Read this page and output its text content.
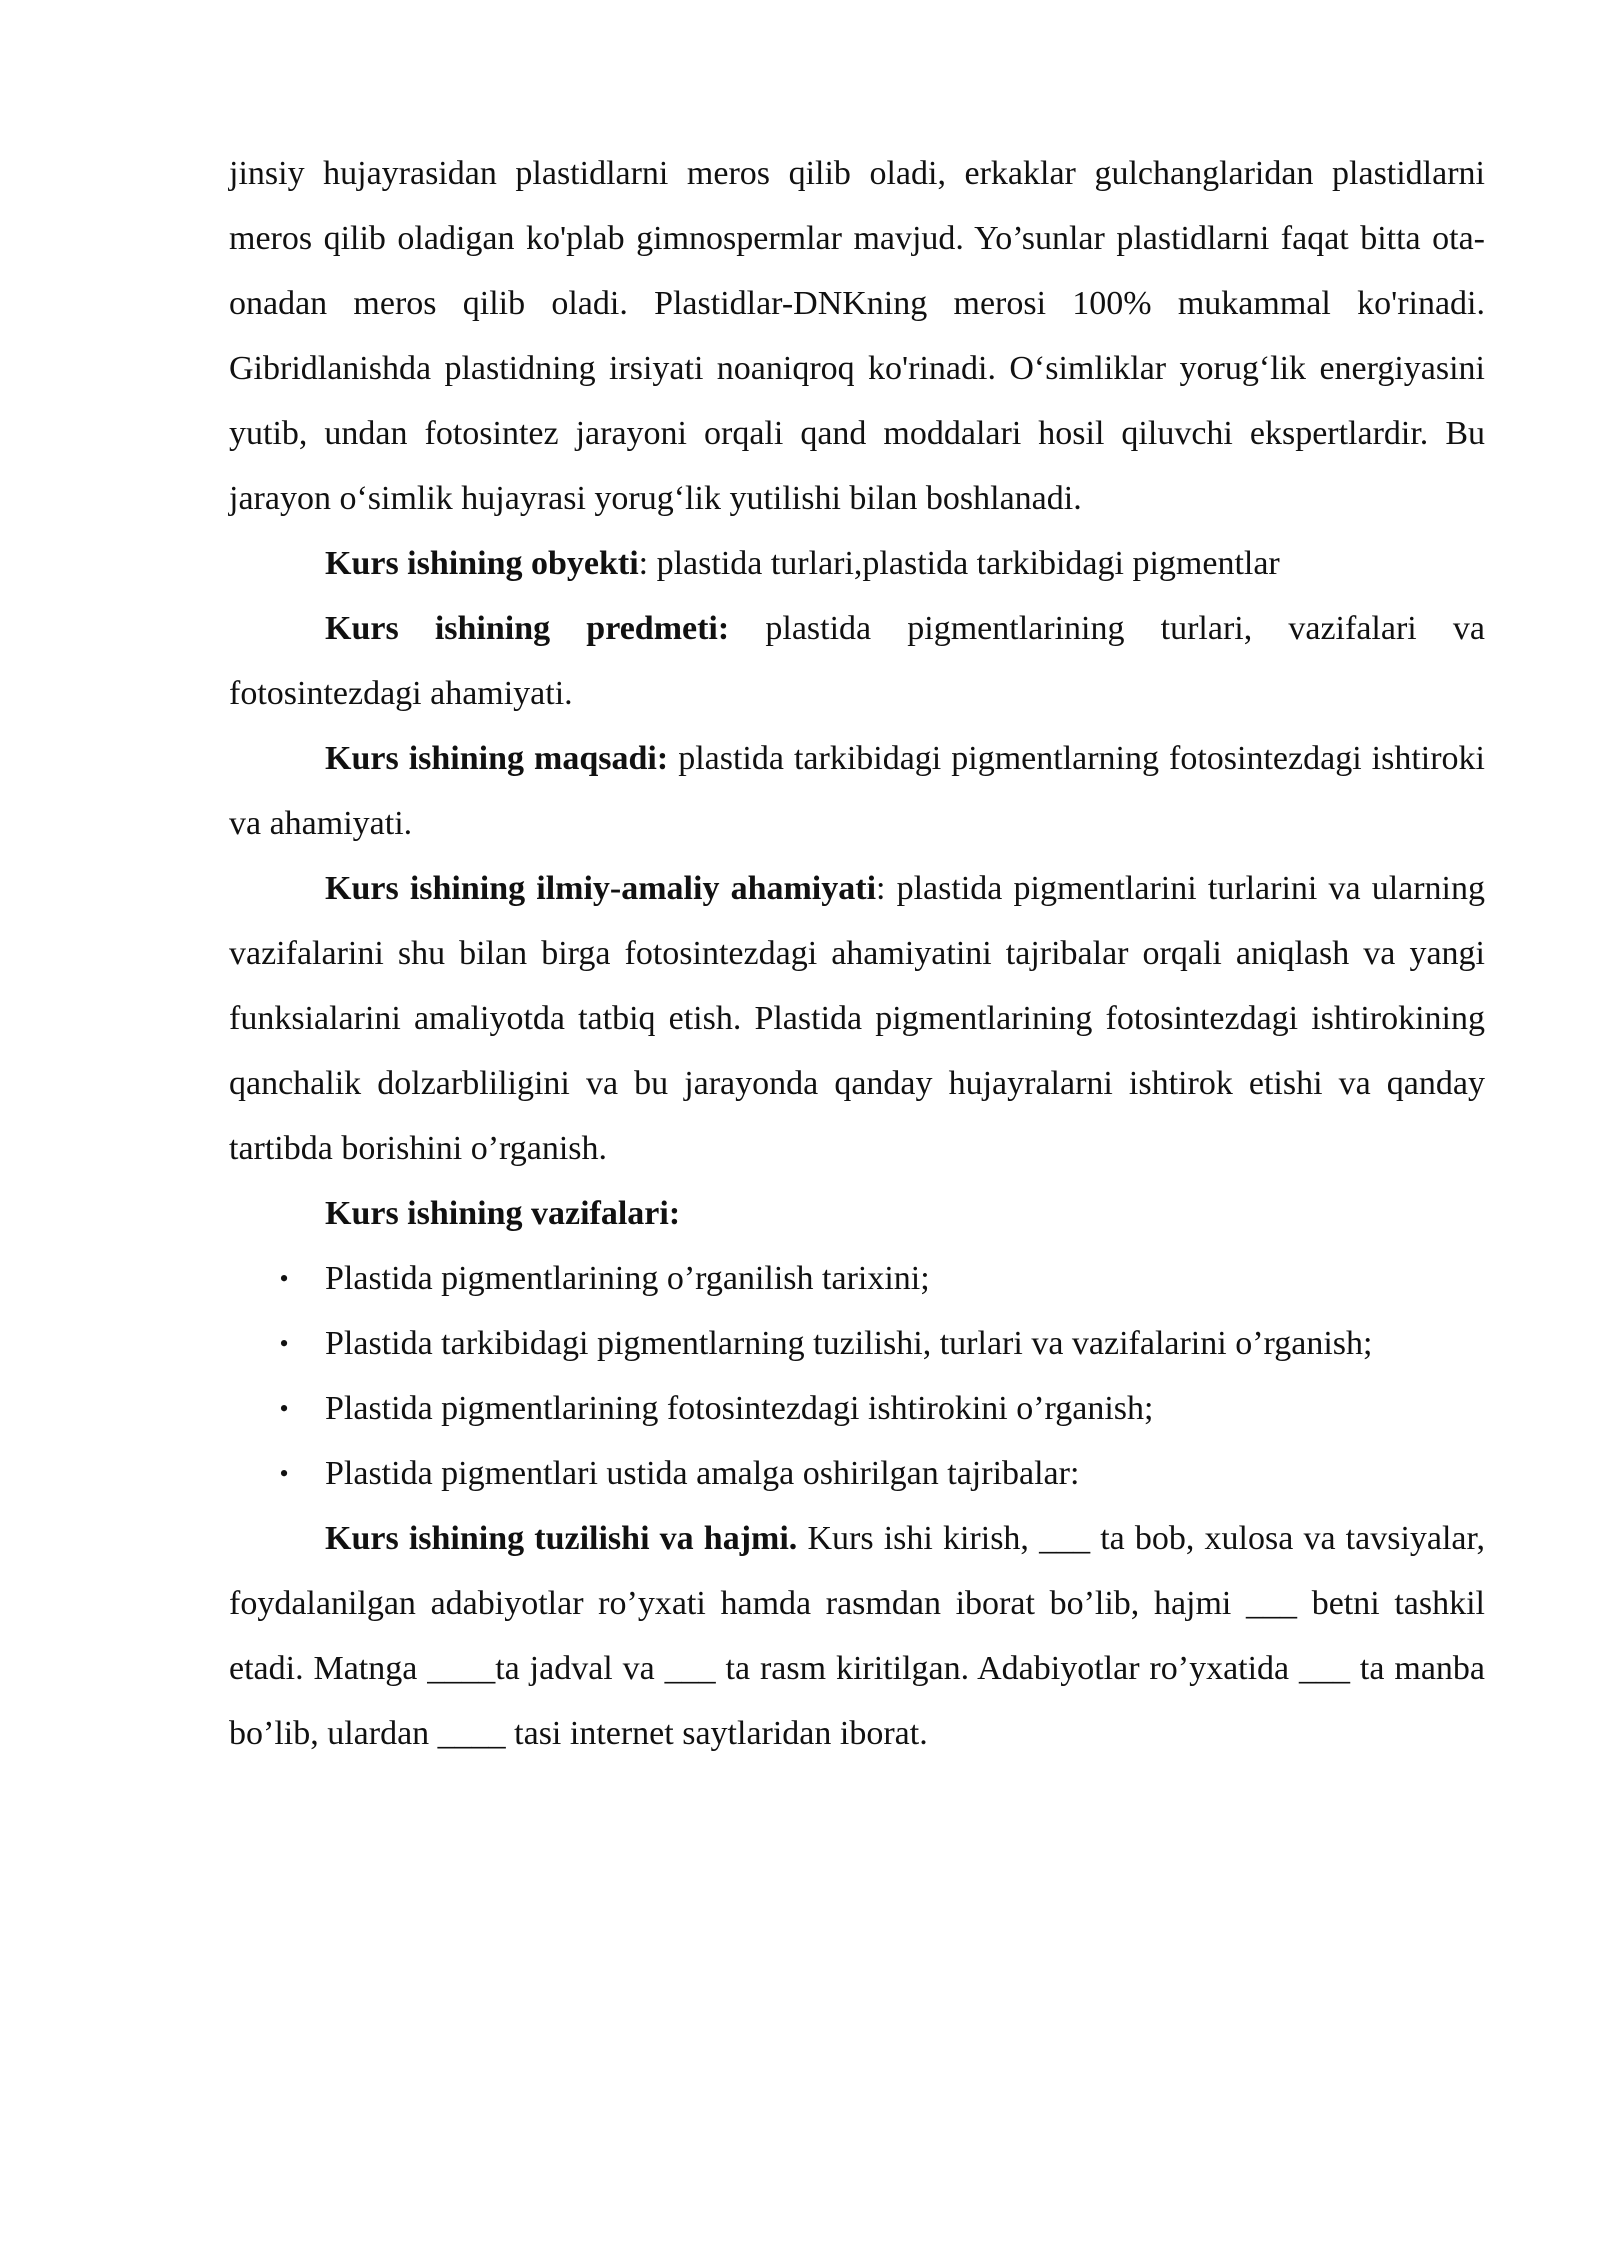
jinsiy hujayrasidan plastidlarni meros qilib oladi, erkaklar gulchanglaridan plastidlarni meros qilib oladigan ko'plab gimnospermlar mavjud. Yo’sunlar plastidlarni faqat bitta ota-onadan meros qilib oladi. Plastidlar-DNKning merosi 100% mukammal ko'rinadi. Gibridlanishda plastidning irsiyati noaniqroq ko'rinadi. O‘simliklar yorug‘lik energiyasini yutib, undan fotosintez jarayoni orqali qand moddalari hosil qiluvchi ekspertlardir. Bu jarayon o‘simlik hujayrasi yorug‘lik yutilishi bilan boshlanadi.

Kurs ishining obyekti: plastida turlari,plastida tarkibidagi pigmentlar

Kurs ishining predmeti: plastida pigmentlarining turlari, vazifalari va fotosintezdagi ahamiyati.

Kurs ishining maqsadi: plastida tarkibidagi pigmentlarning fotosintezdagi ishtiroki va ahamiyati.

Kurs ishining ilmiy-amaliy ahamiyati: plastida pigmentlarini turlarini va ularning vazifalarini shu bilan birga fotosintezdagi ahamiyatini tajribalar orqali aniqlash va yangi funksialarini amaliyotda tatbiq etish. Plastida pigmentlarining fotosintezdagi ishtirokining qanchalik dolzarbliligini va bu jarayonda qanday hujayralarni ishtirok etishi va qanday tartibda borishini o’rganish.

Kurs ishining vazifalari:

• Plastida pigmentlarining o’rganilish tarixini;
• Plastida tarkibidagi pigmentlarning tuzilishi, turlari va vazifalarini o’rganish;
• Plastida pigmentlarining fotosintezdagi ishtirokini o’rganish;
• Plastida pigmentlari ustida amalga oshirilgan tajribalar:

Kurs ishining tuzilishi va hajmi. Kurs ishi kirish, ___ ta bob, xulosa va tavsiyalar, foydalanilgan adabiyotlar ro’yxati hamda rasmdan iborat bo’lib, hajmi ___ betni tashkil etadi. Matnga ____ta jadval va ___ ta rasm kiritilgan. Adabiyotlar ro’yxatida ___ ta manba bo’lib, ulardan ____ tasi internet saytlaridan iborat.
